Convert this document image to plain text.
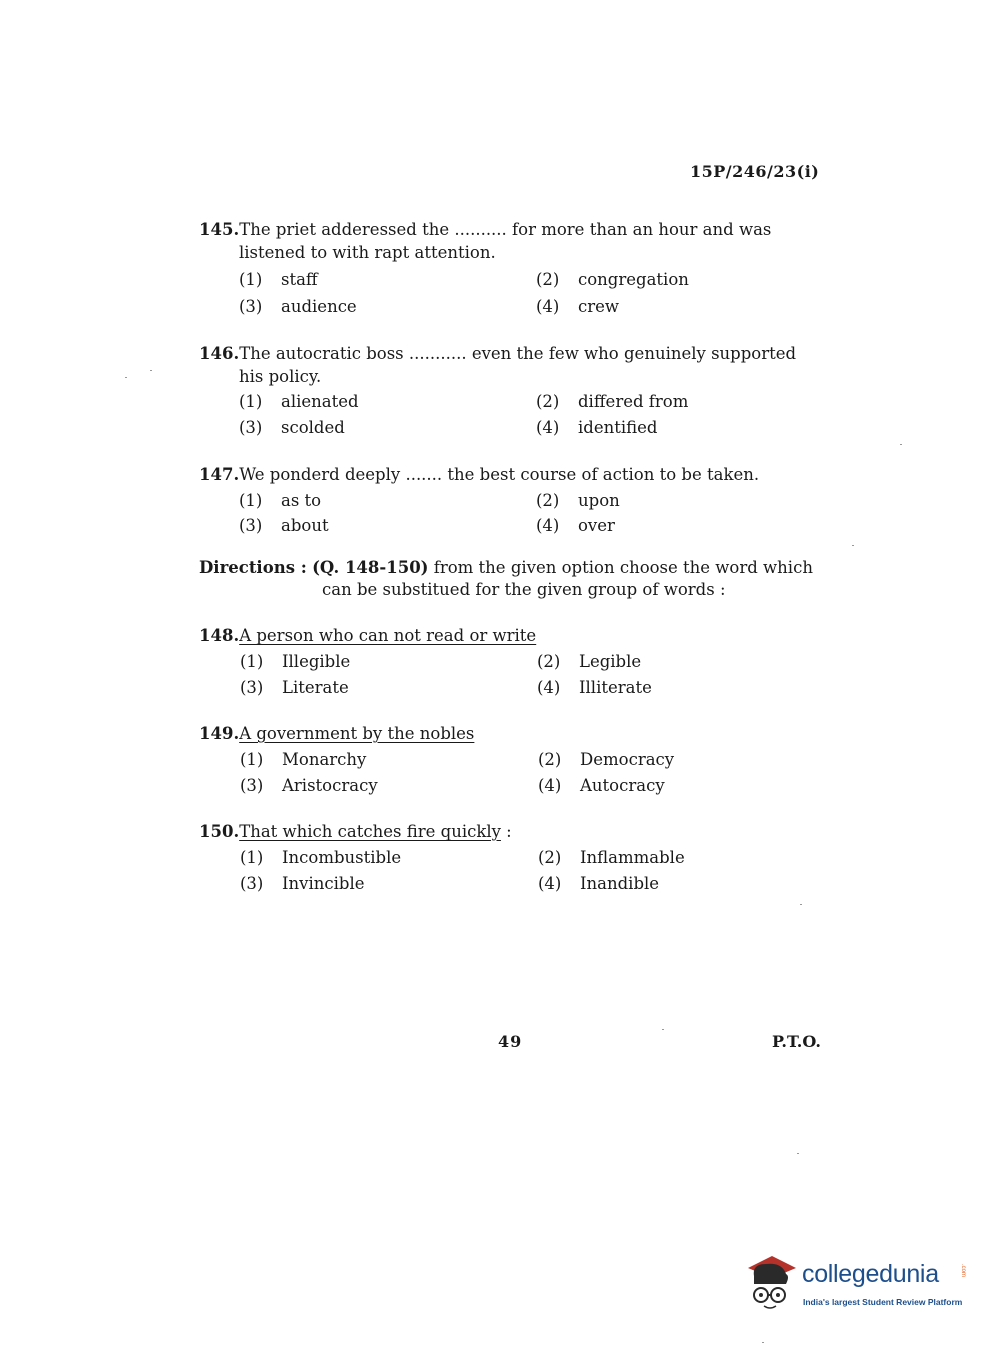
15P/246/23(i)
145.The priet adderessed the .......... for more than an hour and was
listened to with rapt attention.
(1) staff	(2) congregation
(3) audience	(4) crew
146.The autocratic boss ........... even the few who genuinely supported
his policy.
(1) alienated	(2) differed from
(3) scolded	(4) identified
147.We ponderd deeply ....... the best course of action to be taken.
(1) as to	(2) upon
(3) about	(4) over
Directions : (Q. 148-150) from the given option choose the word which
can be substitued for the given group of words :
148.A person who can not read or write
(1) Illegible	(2) Legible
(3) Literate	(4) Illiterate
149.A government by the nobles
(1) Monarchy	(2) Democracy
(3) Aristocracy	(4) Autocracy
150.That which catches fire quickly :
(1) Incombustible	(2) Inflammable
(3) Invincible	(4) Inandible
49	P.T.O.
collegedunia	.com
India's largest Student Review Platform
